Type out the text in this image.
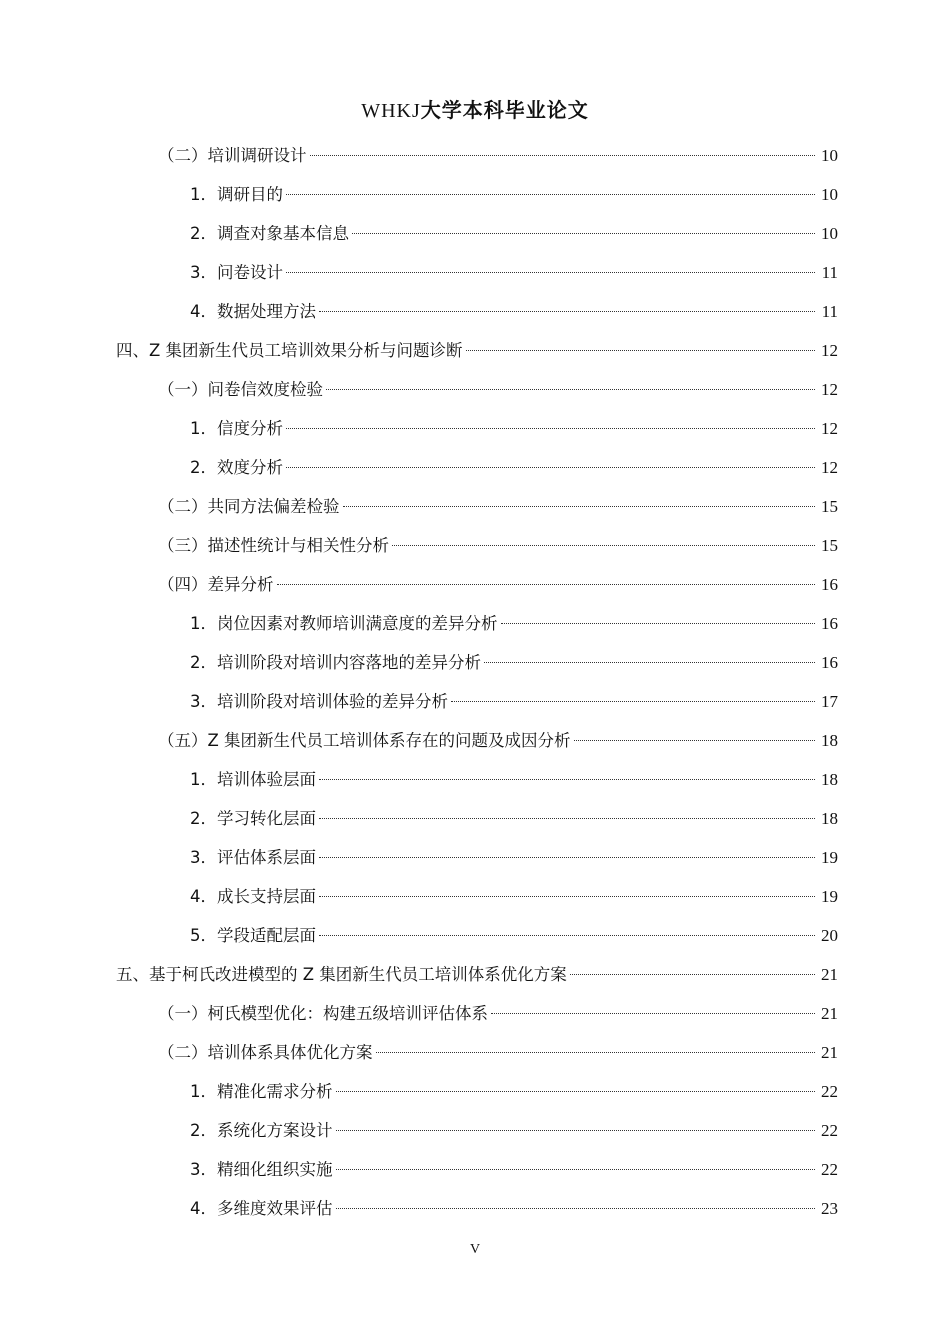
WHKJ大学本科毕业论文
（二）培训调研设计	10
1．调研目的	10
2．调查对象基本信息	10
3．问卷设计	11
4．数据处理方法	11
四、Z 集团新生代员工培训效果分析与问题诊断	12
（一）问卷信效度检验	12
1．信度分析	12
2．效度分析	12
（二）共同方法偏差检验	15
（三）描述性统计与相关性分析	15
（四）差异分析	16
1．岗位因素对教师培训满意度的差异分析	16
2．培训阶段对培训内容落地的差异分析	16
3．培训阶段对培训体验的差异分析	17
（五）Z 集团新生代员工培训体系存在的问题及成因分析	18
1．培训体验层面	18
2．学习转化层面	18
3．评估体系层面	19
4．成长支持层面	19
5．学段适配层面	20
五、基于柯氏改进模型的 Z 集团新生代员工培训体系优化方案	21
（一）柯氏模型优化：构建五级培训评估体系	21
（二）培训体系具体优化方案	21
1．精准化需求分析	22
2．系统化方案设计	22
3．精细化组织实施	22
4．多维度效果评估	23
V
